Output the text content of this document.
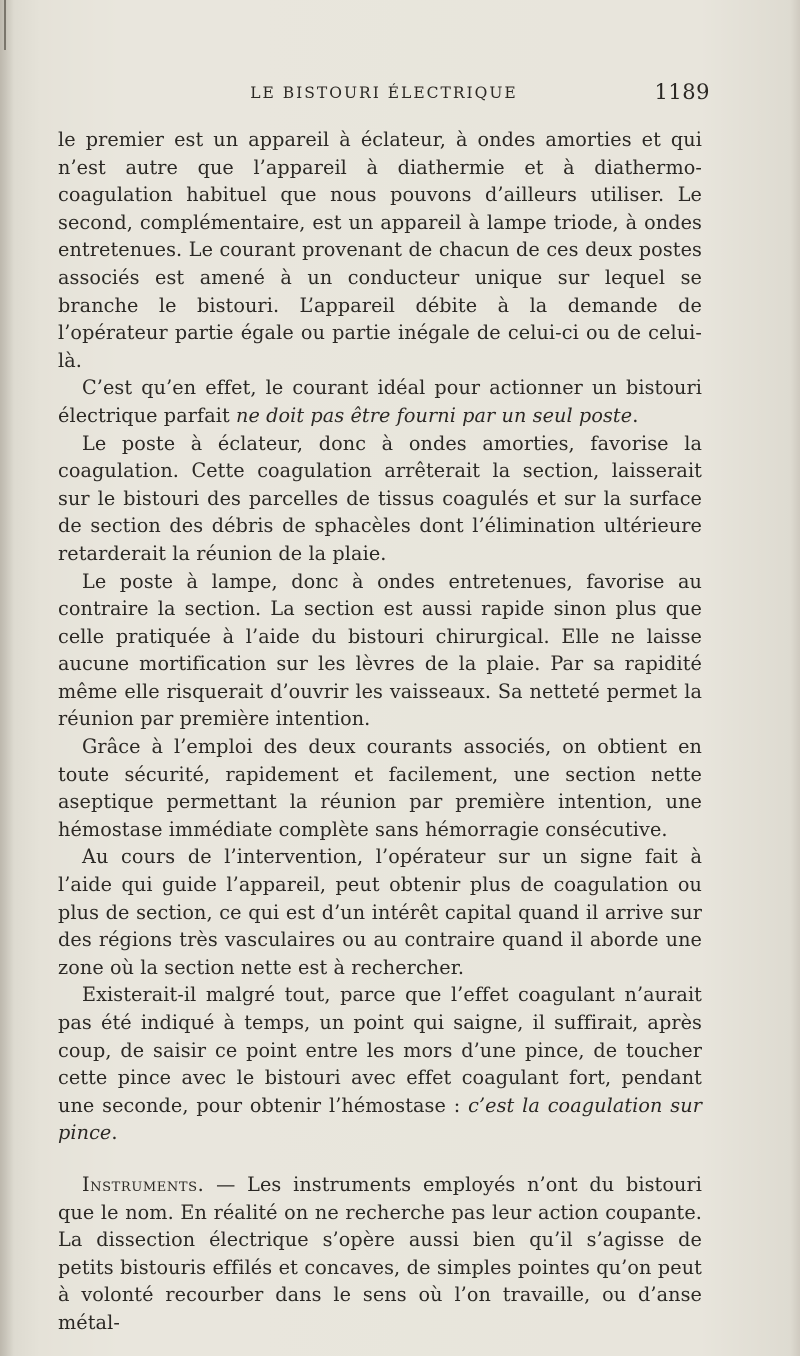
LE BISTOURI ÉLECTRIQUE	1189

le premier est un appareil à éclateur, à ondes amorties et qui n’est autre que l’appareil à diathermie et à diathermo-coagulation habituel que nous pouvons d’ailleurs utiliser. Le second, complémentaire, est un appareil à lampe triode, à ondes entretenues. Le courant provenant de chacun de ces deux postes associés est amené à un conducteur unique sur lequel se branche le bistouri. L’appareil débite à la demande de l’opérateur partie égale ou partie inégale de celui-ci ou de celui-là.

C’est qu’en effet, le courant idéal pour actionner un bistouri électrique parfait ne doit pas être fourni par un seul poste.

Le poste à éclateur, donc à ondes amorties, favorise la coagulation. Cette coagulation arrêterait la section, laisserait sur le bistouri des parcelles de tissus coagulés et sur la surface de section des débris de sphacèles dont l’élimination ultérieure retarderait la réunion de la plaie.

Le poste à lampe, donc à ondes entretenues, favorise au contraire la section. La section est aussi rapide sinon plus que celle pratiquée à l’aide du bistouri chirurgical. Elle ne laisse aucune mortification sur les lèvres de la plaie. Par sa rapidité même elle risquerait d’ouvrir les vaisseaux. Sa netteté permet la réunion par première intention.

Grâce à l’emploi des deux courants associés, on obtient en toute sécurité, rapidement et facilement, une section nette aseptique permettant la réunion par première intention, une hémostase immédiate complète sans hémorragie consécutive.

Au cours de l’intervention, l’opérateur sur un signe fait à l’aide qui guide l’appareil, peut obtenir plus de coagulation ou plus de section, ce qui est d’un intérêt capital quand il arrive sur des régions très vasculaires ou au contraire quand il aborde une zone où la section nette est à rechercher.

Existerait-il malgré tout, parce que l’effet coagulant n’aurait pas été indiqué à temps, un point qui saigne, il suffirait, après coup, de saisir ce point entre les mors d’une pince, de toucher cette pince avec le bistouri avec effet coagulant fort, pendant une seconde, pour obtenir l’hémostase : c’est la coagulation sur pince.

Instruments. — Les instruments employés n’ont du bistouri que le nom. En réalité on ne recherche pas leur action coupante. La dissection électrique s’opère aussi bien qu’il s’agisse de petits bistouris effilés et concaves, de simples pointes qu’on peut à volonté recourber dans le sens où l’on travaille, ou d’anse métal-
